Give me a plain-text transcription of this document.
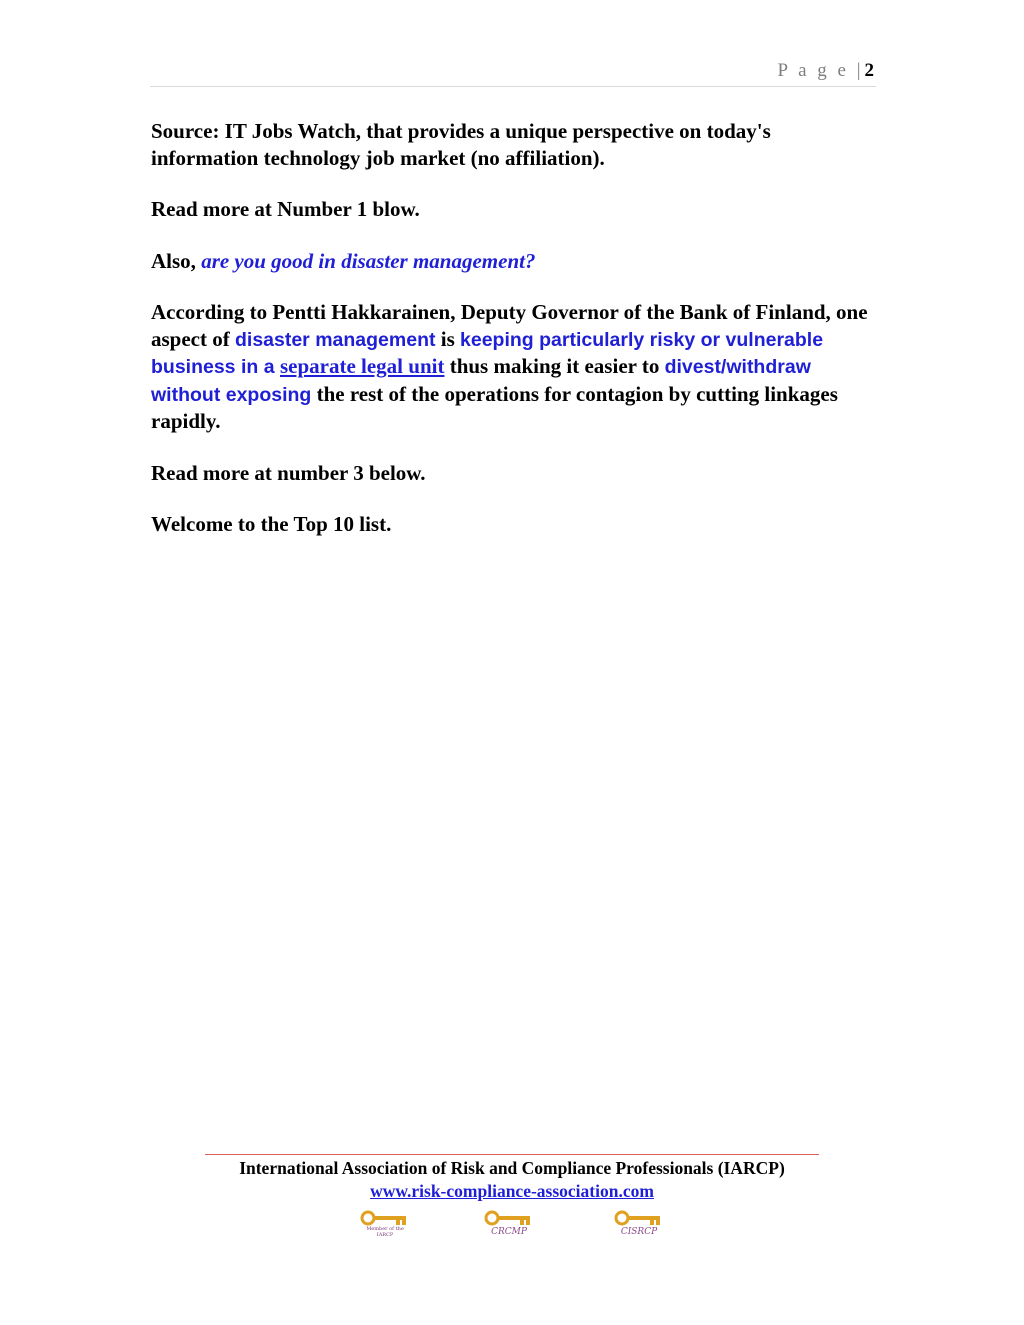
P a g e | 2

Source: IT Jobs Watch, that provides a unique perspective on today's information technology job market (no affiliation).

Read more at Number 1 blow.

Also, are you good in disaster management?

According to Pentti Hakkarainen, Deputy Governor of the Bank of Finland, one aspect of disaster management is keeping particularly risky or vulnerable business in a separate legal unit thus making it easier to divest/withdraw without exposing the rest of the operations for contagion by cutting linkages rapidly.

Read more at number 3 below.

Welcome to the Top 10 list.

International Association of Risk and Compliance Professionals (IARCP)
www.risk-compliance-association.com
Member of the IARCP	CRCMP	CISRCP
